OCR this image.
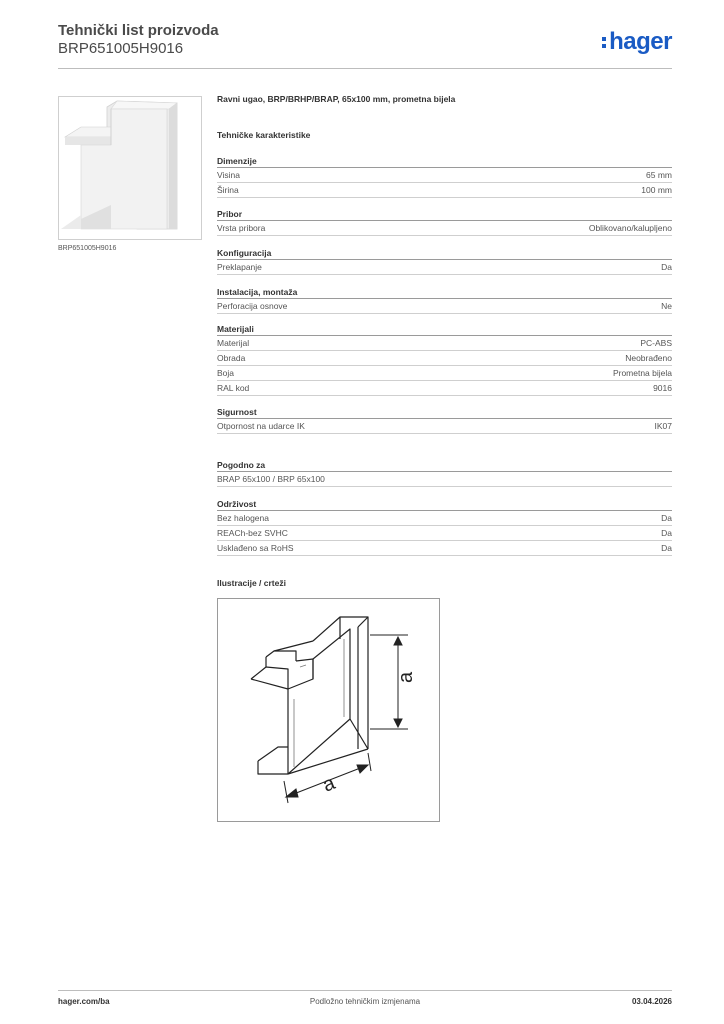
Tehnički list proizvoda
BRP651005H9016	hager
BRP651005H9016
Ravni ugao, BRP/BRHP/BRAP, 65x100 mm, prometna bijela
Tehničke karakteristike
Dimenzije
Visina	65 mm
Širina	100 mm
Pribor
Vrsta pribora	Oblikovano/kalupljeno
Konfiguracija
Preklapanje	Da
Instalacija, montaža
Perforacija osnove	Ne
Materijali
Materijal	PC-ABS
Obrada	Neobrađeno
Boja	Prometna bijela
RAL kod	9016
Sigurnost
Otpornost na udarce IK	IK07
Pogodno za
BRAP 65x100 / BRP 65x100
Održivost
Bez halogena	Da
REACh-bez SVHC	Da
Usklađeno sa RoHS	Da
Ilustracije / crteži
a
a
hager.com/ba	Podložno tehničkim izmjenama	03.04.2026
